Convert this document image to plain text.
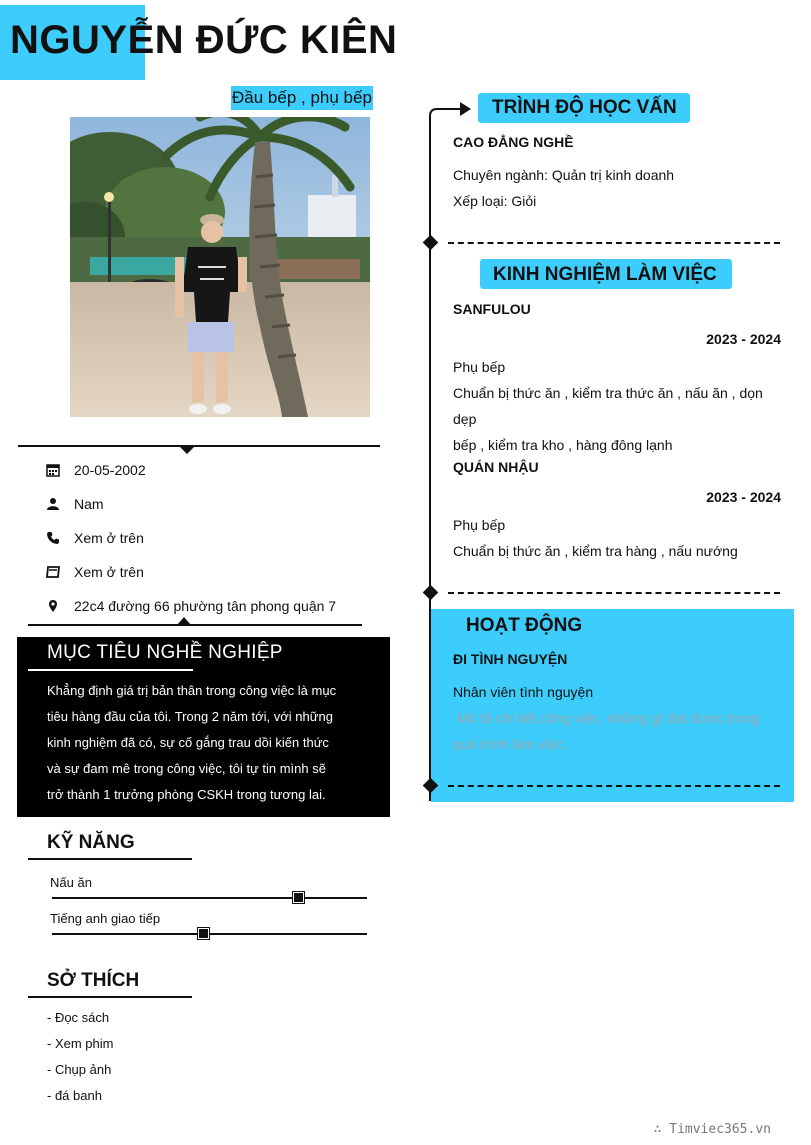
NGUYỄN ĐỨC KIÊN
Đầu bếp , phụ bếp
20-05-2002
Nam
Xem ở trên
Xem ở trên
22c4 đường 66 phường tân phong quận 7
MỤC TIÊU NGHỀ NGHIỆP
Khẳng định giá trị bản thân trong công việc là mục
tiêu hàng đầu của tôi. Trong 2 năm tới, với những
kinh nghiệm đã có, sự cố gắng trau dồi kiến thức
và sự đam mê trong công việc, tôi tự tin mình sẽ
trở thành 1 trưởng phòng CSKH trong tương lai.
KỸ NĂNG
Nấu ăn
Tiếng anh giao tiếp
SỞ THÍCH
- Đọc sách
- Xem phim
- Chụp ảnh
- đá banh
TRÌNH ĐỘ HỌC VẤN
CAO ĐẲNG NGHỀ
Chuyên ngành: Quản trị kinh doanh
Xếp loại: Giỏi
KINH NGHIỆM LÀM VIỆC
SANFULOU
2023 - 2024
Phụ bếp
Chuẩn bị thức ăn , kiểm tra thức ăn , nấu ăn , dọn dẹp
bếp , kiểm tra kho , hàng đông lạnh
QUÁN NHẬU
2023 - 2024
Phụ bếp
Chuẩn bị thức ăn , kiểm tra hàng , nấu nướng
HOẠT ĐỘNG
ĐI TÌNH NGUYỆN
Nhân viên tình nguyện
Mô tả chi tiết công việc, những gì đạt được trong
quá trình làm việc.
∴ Timviec365.vn
